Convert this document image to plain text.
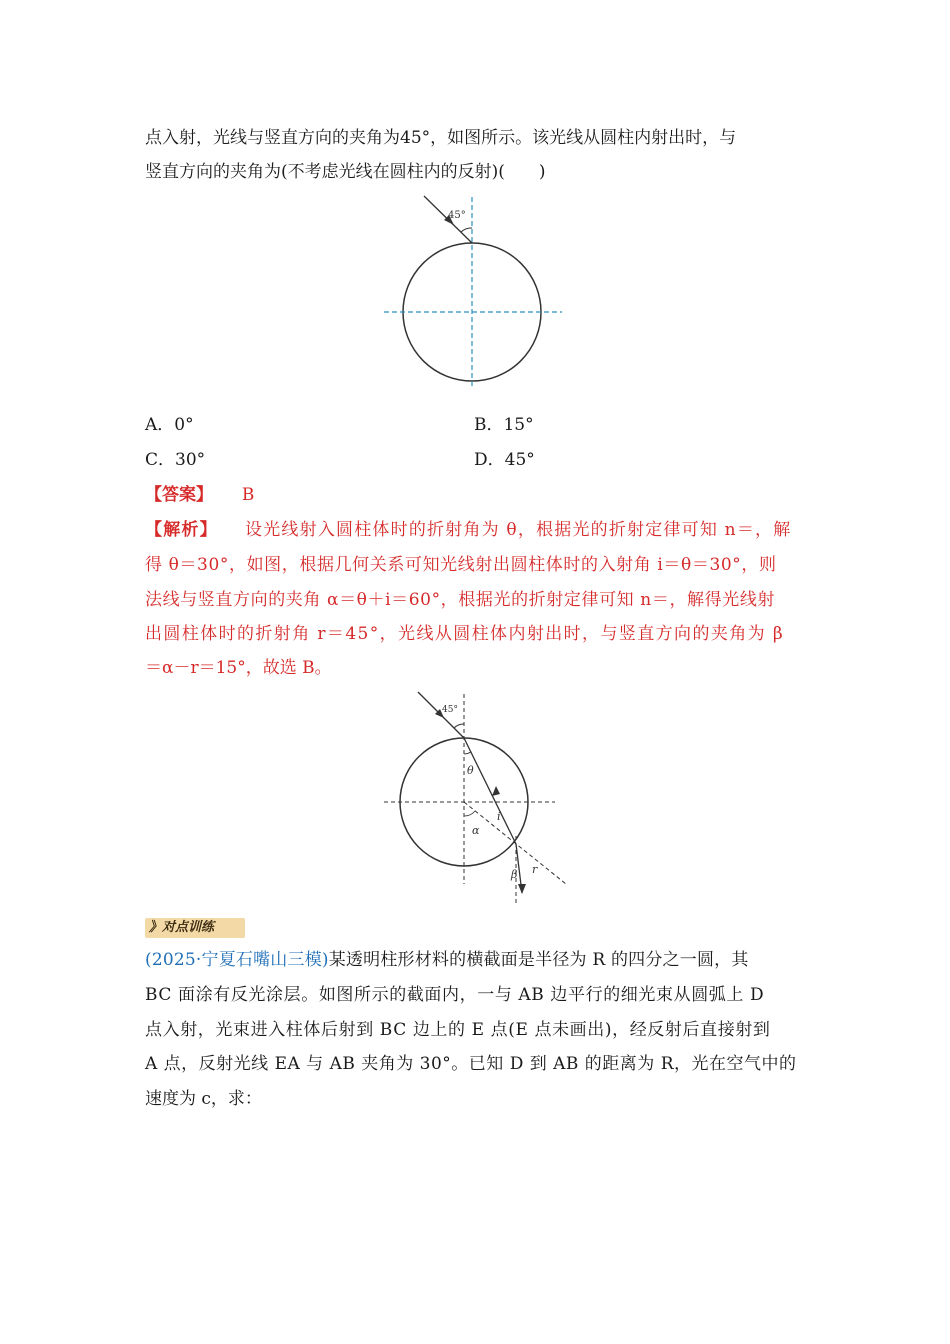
点入射，光线与竖直方向的夹角为45°，如图所示。该光线从圆柱内射出时，与
竖直方向的夹角为(不考虑光线在圆柱内的反射)(　　)
45°
A．0°	B．15°
C．30°	D．45°
【答案】 B
【解析】 设光线射入圆柱体时的折射角为 θ，根据光的折射定律可知 n＝，解
得 θ＝30°，如图，根据几何关系可知光线射出圆柱体时的入射角 i＝θ＝30°，则
法线与竖直方向的夹角 α＝θ＋i＝60°，根据光的折射定律可知 n＝，解得光线射
出圆柱体时的折射角 r＝45°，光线从圆柱体内射出时，与竖直方向的夹角为 β
＝α－r＝15°，故选 B。
45°
θ
i
α
r
β
》对点训练
(2025·宁夏石嘴山三模)某透明柱形材料的横截面是半径为 R 的四分之一圆，其
BC 面涂有反光涂层。如图所示的截面内，一与 AB 边平行的细光束从圆弧上 D
点入射，光束进入柱体后射到 BC 边上的 E 点(E 点未画出)，经反射后直接射到
A 点，反射光线 EA 与 AB 夹角为 30°。已知 D 到 AB 的距离为 R，光在空气中的
速度为 c，求：
